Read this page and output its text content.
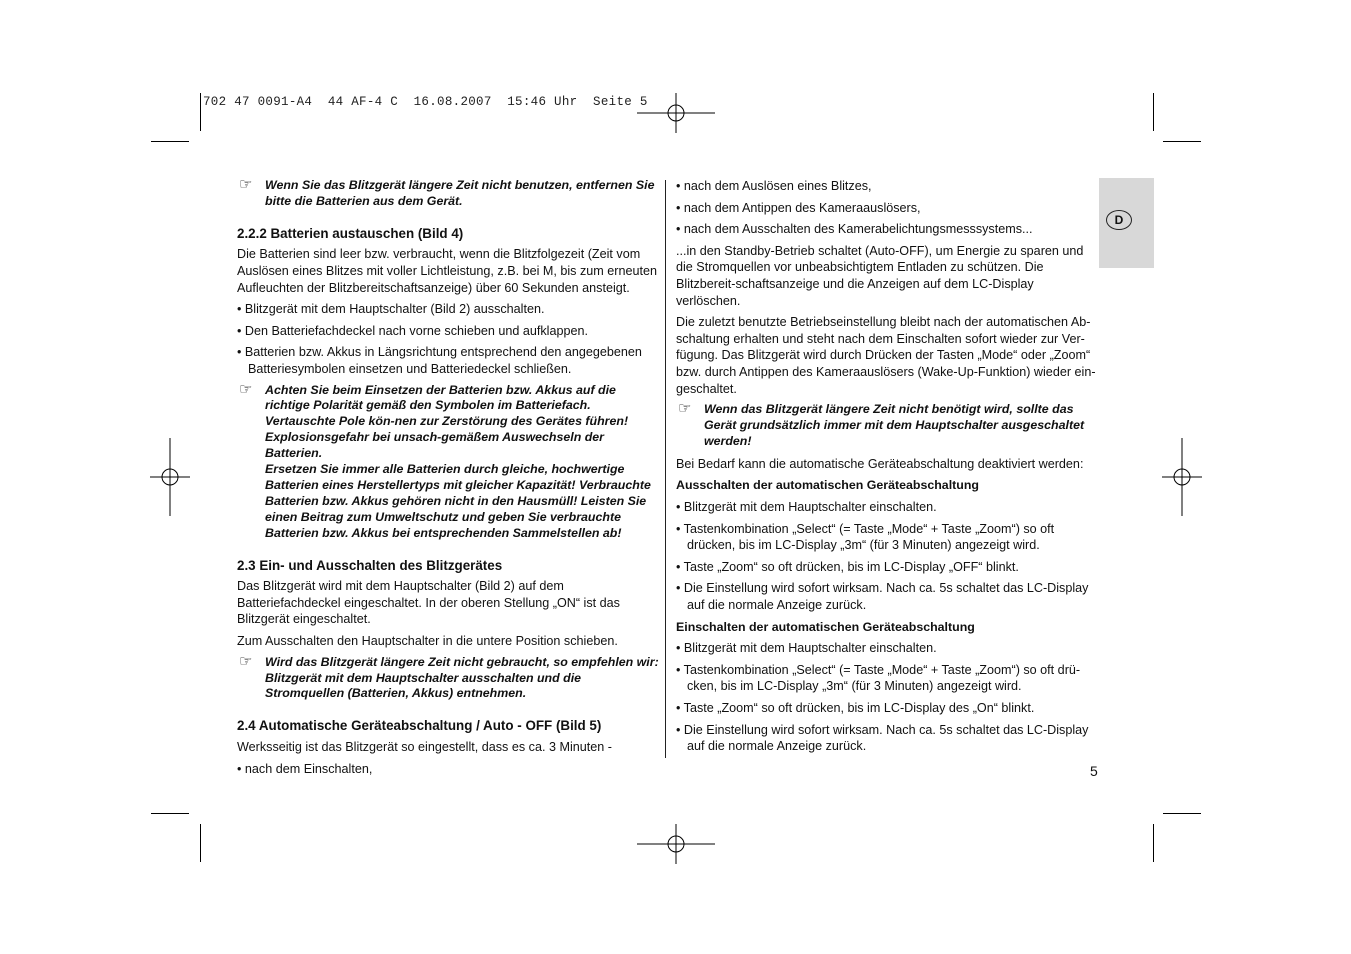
702 47 0091-A4  44 AF-4 C  16.08.2007  15:46 Uhr  Seite 5
D
☞ Wenn Sie das Blitzgerät längere Zeit nicht benutzen, entfernen Sie bitte die Batterien aus dem Gerät.

2.2.2 Batterien austauschen (Bild 4)

Die Batterien sind leer bzw. verbraucht, wenn die Blitzfolgezeit (Zeit vom Auslösen eines Blitzes mit voller Lichtleistung, z.B. bei M, bis zum erneuten Aufleuchten der Blitzbereitschaftsanzeige) über 60 Sekunden ansteigt.

• Blitzgerät mit dem Hauptschalter (Bild 2) ausschalten.

• Den Batteriefachdeckel nach vorne schieben und aufklappen.

• Batterien bzw. Akkus in Längsrichtung entsprechend den angegebenen Batteriesymbolen einsetzen und Batteriedeckel schließen.

☞ Achten Sie beim Einsetzen der Batterien bzw. Akkus auf die richtige Polarität gemäß den Symbolen im Batteriefach. Vertauschte Pole kön-nen zur Zerstörung des Gerätes führen! Explosionsgefahr bei unsach-gemäßem Auswechseln der Batterien.

Ersetzen Sie immer alle Batterien durch gleiche, hochwertige Batterien eines Herstellertyps mit gleicher Kapazität! Verbrauchte Batterien bzw. Akkus gehören nicht in den Hausmüll! Leisten Sie einen Beitrag zum Umweltschutz und geben Sie verbrauchte Batterien bzw. Akkus bei entsprechenden Sammelstellen ab!

2.3 Ein- und Ausschalten des Blitzgerätes

Das Blitzgerät wird mit dem Hauptschalter (Bild 2) auf dem Batteriefachdeckel eingeschaltet. In der oberen Stellung „ON“ ist das Blitzgerät eingeschaltet.

Zum Ausschalten den Hauptschalter in die untere Position schieben.

☞ Wird das Blitzgerät längere Zeit nicht gebraucht, so empfehlen wir: Blitzgerät mit dem Hauptschalter ausschalten und die Stromquellen (Batterien, Akkus) entnehmen.

2.4 Automatische Geräteabschaltung / Auto - OFF (Bild 5)

Werksseitig ist das Blitzgerät so eingestellt, dass es ca. 3 Minuten -

• nach dem Einschalten,

• nach dem Auslösen eines Blitzes,

• nach dem Antippen des Kameraauslösers,

• nach dem Ausschalten des Kamerabelichtungsmesssystems...

...in den Standby-Betrieb schaltet (Auto-OFF), um Energie zu sparen und die Stromquellen vor unbeabsichtigtem Entladen zu schützen. Die Blitzbereit-schaftsanzeige und die Anzeigen auf dem LC-Display verlöschen.

Die zuletzt benutzte Betriebseinstellung bleibt nach der automatischen Ab-schaltung erhalten und steht nach dem Einschalten sofort wieder zur Ver-fügung. Das Blitzgerät wird durch Drücken der Tasten „Mode“ oder „Zoom“ bzw. durch Antippen des Kameraauslösers (Wake-Up-Funktion) wieder ein-geschaltet.

☞ Wenn das Blitzgerät längere Zeit nicht benötigt wird, sollte das Gerät grundsätzlich immer mit dem Hauptschalter ausgeschaltet werden!

Bei Bedarf kann die automatische Geräteabschaltung deaktiviert werden:

Ausschalten der automatischen Geräteabschaltung

• Blitzgerät mit dem Hauptschalter einschalten.

• Tastenkombination „Select“ (= Taste „Mode“ + Taste „Zoom“) so oft drücken, bis im LC-Display „3m“ (für 3 Minuten) angezeigt wird.

• Taste „Zoom“ so oft drücken, bis im LC-Display „OFF“ blinkt.

• Die Einstellung wird sofort wirksam. Nach ca. 5s schaltet das LC-Display auf die normale Anzeige zurück.

Einschalten der automatischen Geräteabschaltung

• Blitzgerät mit dem Hauptschalter einschalten.

• Tastenkombination „Select“ (= Taste „Mode“ + Taste „Zoom“) so oft drü-cken, bis im LC-Display „3m“ (für 3 Minuten) angezeigt wird.

• Taste „Zoom“ so oft drücken, bis im LC-Display des „On“ blinkt.

• Die Einstellung wird sofort wirksam. Nach ca. 5s schaltet das LC-Display auf die normale Anzeige zurück.

5
